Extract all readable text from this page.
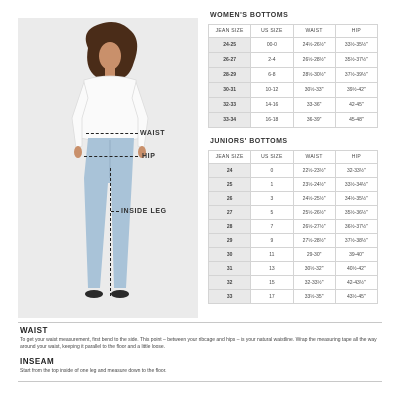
WAIST
HIP
INSIDE LEG
WOMEN'S BOTTOMS
JEAN SIZE	US SIZE	WAIST	HIP
24-25	00-0	24½-26½"	33½-35½"
26-27	2-4	26½-28½"	35½-37½"
28-29	6-8	28½-30½"	37½-39½"
30-31	10-12	30½-33"	39½-42"
32-33	14-16	33-36"	42-45"
33-34	16-18	36-39"	45-48"
JUNIORS' BOTTOMS
JEAN SIZE	US SIZE	WAIST	HIP
24	0	22½-23½"	32-33½"
25	1	23½-24½"	33½-34½"
26	3	24½-25½"	34½-35½"
27	5	25½-26½"	35½-36½"
28	7	26½-27½"	36½-37½"
29	9	27½-28½"	37½-38½"
30	11	29-30"	39-40"
31	13	30½-32"	40½-42"
32	15	32-33½"	42-43½"
33	17	33½-35"	43½-45"
WAIST
To get your waist measurement, first bend to the side. This point – between your ribcage and hips – is your natural waistline. Wrap the measuring tape all the way around your waist, keeping it parallel to the floor and a little loose.
INSEAM
Start from the top inside of one leg and measure down to the floor.
